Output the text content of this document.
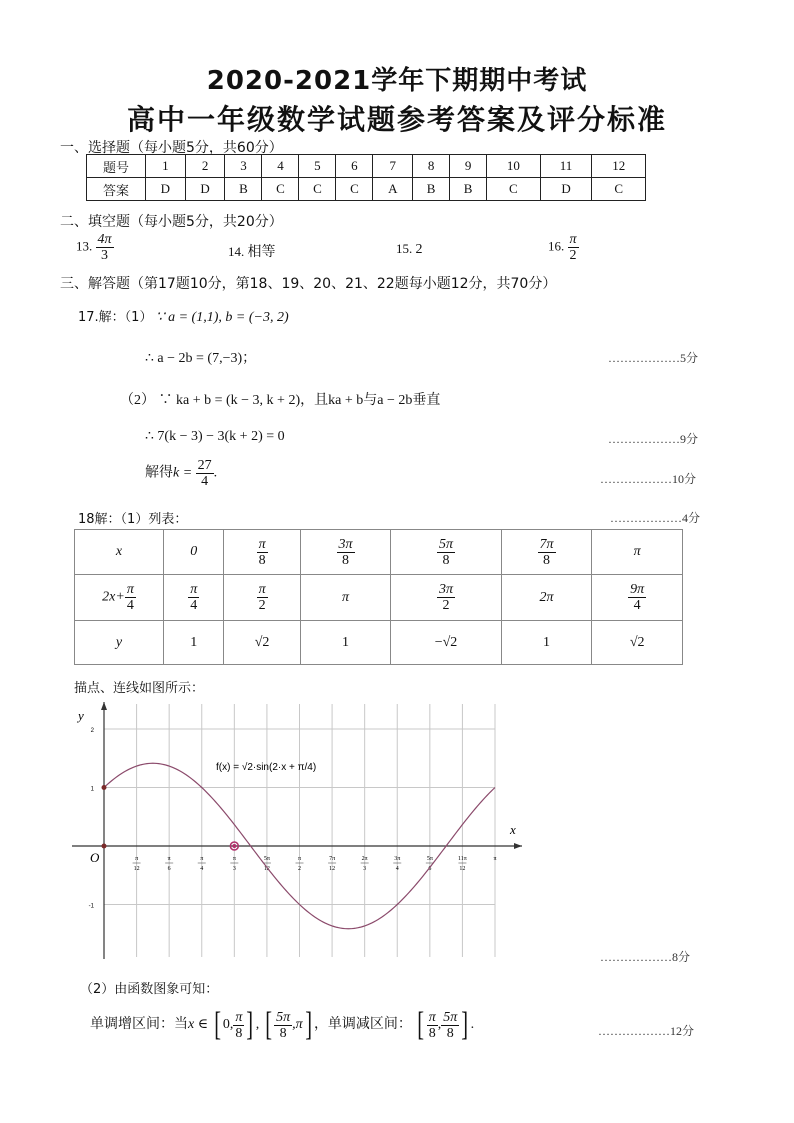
2020-2021学年下期期中考试
高中一年级数学试题参考答案及评分标准
一、选择题（每小题5分，共60分）
题号	1	2	3	4	5	6	7	8	9	10	11	12
答案	D	D	B	C	C	C	A	B	B	C	D	C
二、填空题（每小题5分，共20分）
13. $\frac{4\pi}{3}$	14. 相等	15. 2	16. $\frac{\pi}{2}$
三、解答题（第17题10分，第18、19、20、21、22题每小题12分，共70分）
17.解：（1） ∵ a = (1,1), b = (−3, 2)
∴ a − 2b = (7,−3)；	………………5分
（2） ∵ ka + b = (k − 3, k + 2)，且ka + b与a − 2b垂直
∴ 7(k − 3) − 3(k + 2) = 0	………………9分
解得$k = \frac{27}{4}$ .	………………10分
18解：（1）列表：	………………4分
x	0	$\frac{\pi}{8}$	$\frac{3\pi}{8}$	$\frac{5\pi}{8}$	$\frac{7\pi}{8}$	π
$2x+ \frac{\pi}{4}$	$\frac{\pi}{4}$	$\frac{\pi}{2}$	π	$\frac{3\pi}{2}$	2π	$\frac{9\pi}{4}$

y	1	√2	1	−√2	1	√2
描点、连线如图所示：
x
y
O
2
1
-1
π
12
π
6
π
4
π
3
5π
12
π
2
7π
12
2π
3
3π
4
5π
6
11π
12
π
f(x) = √2·sin(2·x + π/4)
………………8分
（2）由函数图象可知：
单调增区间：当x ∈ [ 0, $\frac{\pi}{8}$ ] , [ $\frac{5\pi}{8} ,\pi$] ，单调减区间： [ $\frac{\pi}{8}$ , $\frac{5\pi}{8}$ ] .	………………12分
